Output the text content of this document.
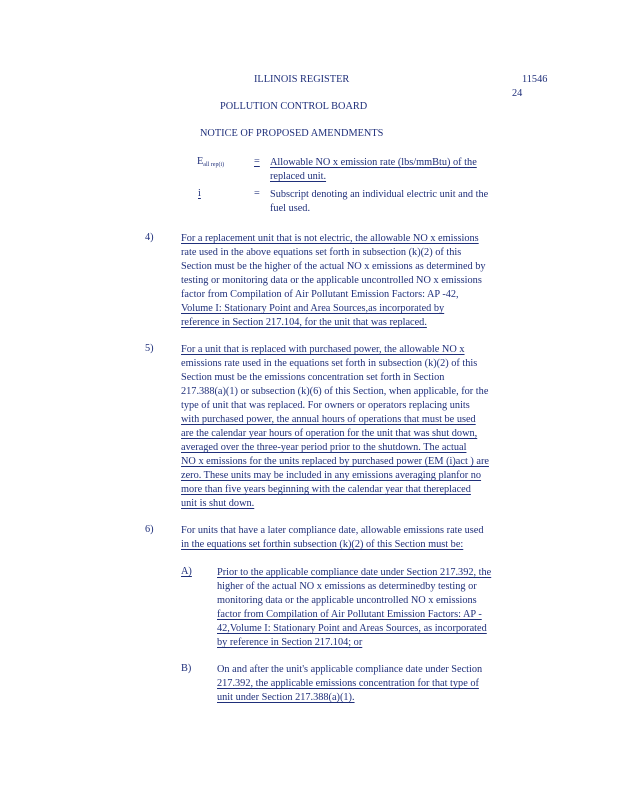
ILLINOIS REGISTER	11546
24
POLLUTION CONTROL BOARD
NOTICE OF PROPOSED AMENDMENTS
$E_{all rep(i)}$	= Allowable NO x emission rate (lbs/mmBtu) of the
replaced unit.
i	= Subscript denoting an individual electric unit and the
fuel used.
4)	For a replacement unit that is not electric, the allowable NO x emissions
rate used in the above equations set forth in subsection (k)(2) of this
Section must be the higher of the actual NO x emissions as determined by
testing or monitoring data or the applicable uncontrolled NO x emissions
factor from Compilation of Air Pollutant Emission Factors: AP -42,
Volume I: Stationary Point and Area Sources,as incorporated by
reference in Section 217.104, for the unit that was replaced.
5)	For a unit that is replaced with purchased power, the allowable NO x
emissions rate used in the equations set forth in subsection (k)(2) of this
Section must be the emissions concentration set forth in Section
217.388(a)(1) or subsection (k)(6) of this Section, when applicable, for the
type of unit that was replaced. For owners or operators replacing units
with purchased power, the annual hours of operations that must be used
are the calendar year hours of operation for the unit that was shut down,
averaged over the three-year period prior to the shutdown. The actual
NO x emissions for the units replaced by purchased power (EM (i)act ) are
zero. These units may be included in any emissions averaging planfor no
more than five years beginning with the calendar year that thereplaced
unit is shut down.
6)	For units that have a later compliance date, allowable emissions rate used
in the equations set forthin subsection (k)(2) of this Section must be:
A) Prior to the applicable compliance date under Section 217.392, the
higher of the actual NO x emissions as determinedby testing or
monitoring data or the applicable uncontrolled NO x emissions
factor from Compilation of Air Pollutant Emission Factors: AP -
42,Volume I: Stationary Point and Areas Sources, as incorporated
by reference in Section 217.104; or
B) On and after the unit's applicable compliance date under Section
217.392, the applicable emissions concentration for that type of
unit under Section 217.388(a)(1).
